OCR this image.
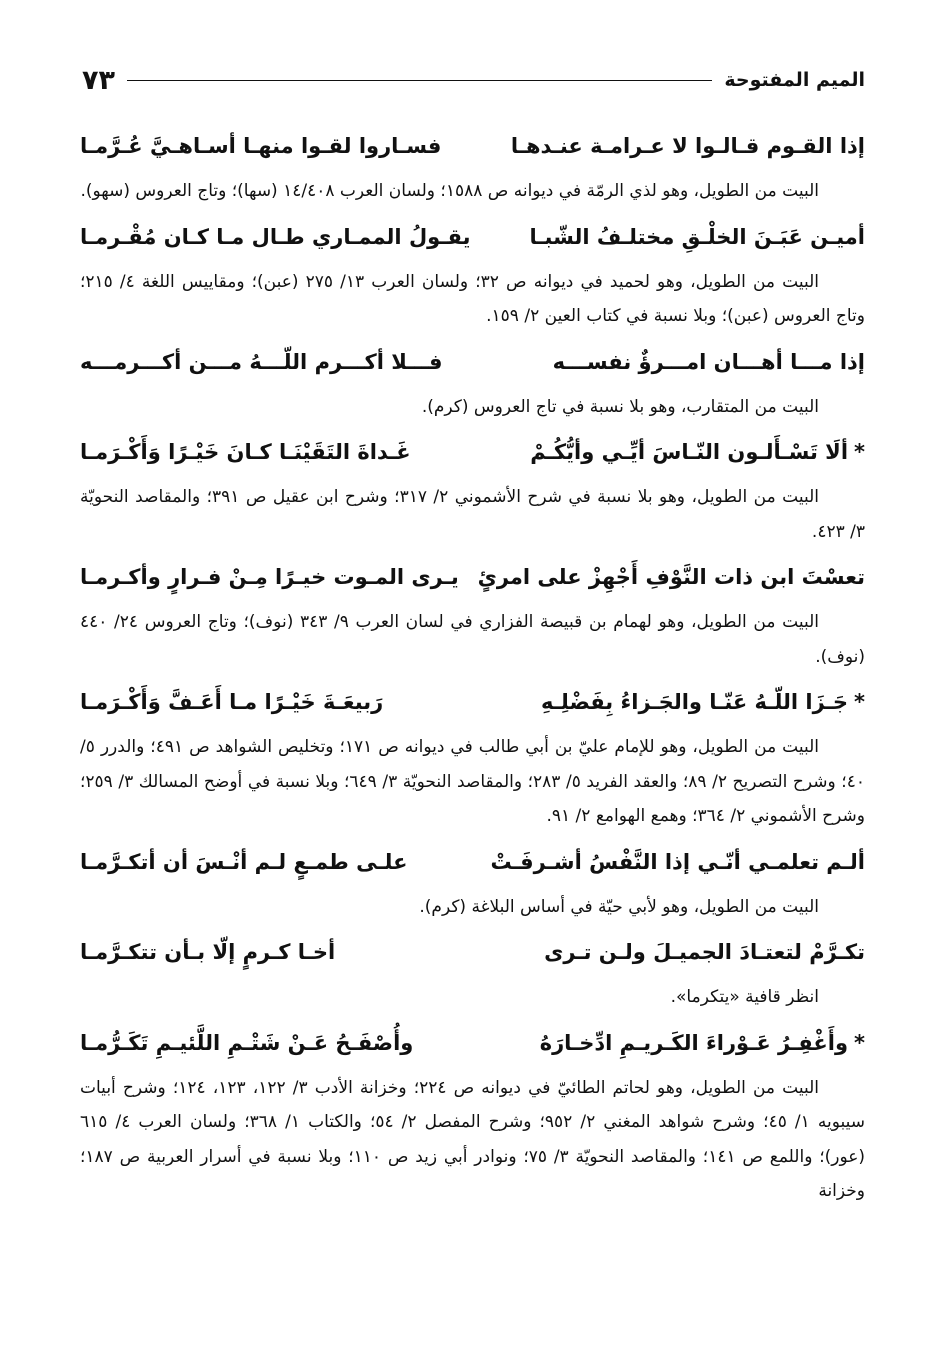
الميم المفتوحة
٧٣
إذا القـوم قـالـوا لا عـرامـة عنـدهـا
فسـاروا لقـوا منهـا أسـاهـيَّ عُـرَّمـا

البيت من الطويل، وهو لذي الرمّة في ديوانه ص ١٥٨٨؛ ولسان العرب ١٤/٤٠٨ (سها)؛ وتاج العروس (سهو).

أميـن عَبَـنَ الخلْـقِ مختلـفُ الشّبـا
يقـولُ الممـاري طـال مـا كـان مُقْـرمـا

البيت من الطويل، وهو لحميد في ديوانه ص ٣٢؛ ولسان العرب ١٣/ ٢٧٥ (عبن)؛ ومقاييس اللغة ٤/ ٢١٥؛ وتاج العروس (عبن)؛ وبلا نسبة في كتاب العين ٢/ ١٥٩.

إذا مـــا أهـــان امـــرؤٌ نفســـه
فـــلا أكـــرم اللّـــهُ مـــن أكـــرمـــه

البيت من المتقارب، وهو بلا نسبة في تاج العروس (كرم).

*ألَا تَسْـأَلـون النّـاسَ أيِّـي وأيُّكُـمْ
غَـداةَ التَقَيْنَـا كـانَ خَيْـرًا وَأَكْـرَمـا

البيت من الطويل، وهو بلا نسبة في شرح الأشموني ٢/ ٣١٧؛ وشرح ابن عقيل ص ٣٩١؛ والمقاصد النحويّة ٣/ ٤٢٣.

تعسْتَ ابن ذات النَّوْفِ أَجْهِزْ على امرئٍ
يـرى المـوت خيـرًا مِـنْ فـرارٍ وأكـرمـا

البيت من الطويل، وهو لهمام بن قبيصة الفزاري في لسان العرب ٩/ ٣٤٣ (نوف)؛ وتاج العروس ٢٤/ ٤٤٠ (نوف).

*جَـزَا اللّـهُ عَنّـا والجَـزاءُ بِفَضْلِـهِ
رَبيعَـةَ خَيْـرًا مـا أَعَـفَّ وَأَكْـرَمـا

البيت من الطويل، وهو للإمام عليّ بن أبي طالب في ديوانه ص ١٧١؛ وتخليص الشواهد ص ٤٩١؛ والدرر ٥/ ٤٠؛ وشرح التصريح ٢/ ٨٩؛ والعقد الفريد ٥/ ٢٨٣؛ والمقاصد النحويّة ٣/ ٦٤٩؛ وبلا نسبة في أوضح المسالك ٣/ ٢٥٩؛ وشرح الأشموني ٢/ ٣٦٤؛ وهمع الهوامع ٢/ ٩١.

ألـم تعلمـي أنّـي إذا النَّفْسُ أشـرفَـتْ
علـى طمـعٍ لـم أنْـسَ أن أتكـرَّمـا

البيت من الطويل، وهو لأبي حيّة في أساس البلاغة (كرم).

تكـرَّمْ لتعتـادَ الجميـلَ ولـن تـرى
أخـا كـرمٍ إلّا بـأن تتكـرَّمـا

انظر قافية «يتكرما».

*وأَغْفِـرُ عَـوْراءَ الكَـريـمِ ادِّخـارَهُ
وأُصْفَـحُ عَـنْ شَتْـمِ اللَّئيـمِ تَكَـرُّمـا

البيت من الطويل، وهو لحاتم الطائيّ في ديوانه ص ٢٢٤؛ وخزانة الأدب ٣/ ١٢٢، ١٢٣، ١٢٤؛ وشرح أبيات سيبويه ١/ ٤٥؛ وشرح شواهد المغني ٢/ ٩٥٢؛ وشرح المفصل ٢/ ٥٤؛ والكتاب ١/ ٣٦٨؛ ولسان العرب ٤/ ٦١٥ (عور)؛ واللمع ص ١٤١؛ والمقاصد النحويّة ٣/ ٧٥؛ ونوادر أبي زيد ص ١١٠؛ وبلا نسبة في أسرار العربية ص ١٨٧؛ وخزانة
